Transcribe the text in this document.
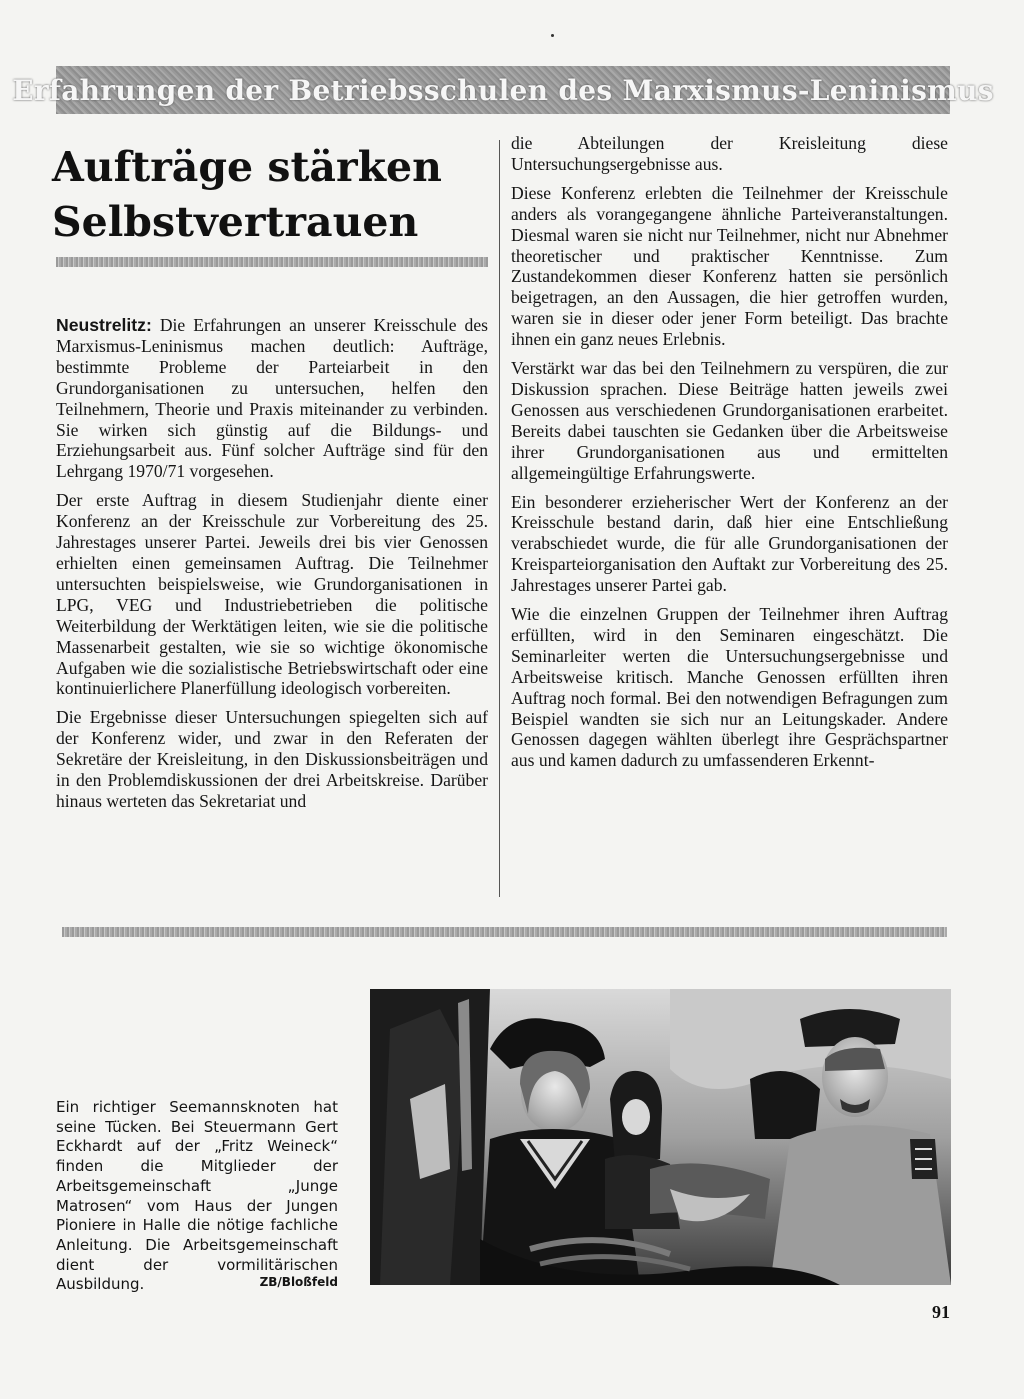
Erfahrungen der Betriebsschulen des Marxismus-Leninismus
Aufträge stärken
Selbstvertrauen

Neustrelitz: Die Erfahrungen an unserer Kreisschule des Marxismus-Leninismus machen deutlich: Aufträge, bestimmte Probleme der Parteiarbeit in den Grundorganisationen zu untersuchen, helfen den Teilnehmern, Theorie und Praxis miteinander zu verbinden. Sie wirken sich günstig auf die Bildungs- und Erziehungsarbeit aus. Fünf solcher Aufträge sind für den Lehrgang 1970/71 vorgesehen.

Der erste Auftrag in diesem Studienjahr diente einer Konferenz an der Kreisschule zur Vorbereitung des 25. Jahrestages unserer Partei. Jeweils drei bis vier Genossen erhielten einen gemeinsamen Auftrag. Die Teilnehmer untersuchten beispielsweise, wie Grundorganisationen in LPG, VEG und Industriebetrieben die politische Weiterbildung der Werktätigen leiten, wie sie die politische Massenarbeit gestalten, wie sie so wichtige ökonomische Aufgaben wie die sozialistische Betriebswirtschaft oder eine kontinuierlichere Planerfüllung ideologisch vorbereiten.

Die Ergebnisse dieser Untersuchungen spiegelten sich auf der Konferenz wider, und zwar in den Referaten der Sekretäre der Kreisleitung, in den Diskussionsbeiträgen und in den Problemdiskussionen der drei Arbeitskreise. Darüber hinaus werteten das Sekretariat und

die Abteilungen der Kreisleitung diese Untersuchungsergebnisse aus.

Diese Konferenz erlebten die Teilnehmer der Kreisschule anders als vorangegangene ähnliche Parteiveranstaltungen. Diesmal waren sie nicht nur Teilnehmer, nicht nur Abnehmer theoretischer und praktischer Kenntnisse. Zum Zustandekommen dieser Konferenz hatten sie persönlich beigetragen, an den Aussagen, die hier getroffen wurden, waren sie in dieser oder jener Form beteiligt. Das brachte ihnen ein ganz neues Erlebnis.

Verstärkt war das bei den Teilnehmern zu verspüren, die zur Diskussion sprachen. Diese Beiträge hatten jeweils zwei Genossen aus verschiedenen Grundorganisationen erarbeitet. Bereits dabei tauschten sie Gedanken über die Arbeitsweise ihrer Grundorganisationen aus und ermittelten allgemeingültige Erfahrungswerte.

Ein besonderer erzieherischer Wert der Konferenz an der Kreisschule bestand darin, daß hier eine Entschließung verabschiedet wurde, die für alle Grundorganisationen der Kreisparteiorganisation den Auftakt zur Vorbereitung des 25. Jahrestages unserer Partei gab.

Wie die einzelnen Gruppen der Teilnehmer ihren Auftrag erfüllten, wird in den Seminaren eingeschätzt. Die Seminarleiter werten die Untersuchungsergebnisse und Arbeitsweise kritisch. Manche Genossen erfüllten ihren Auftrag noch formal. Bei den notwendigen Befragungen zum Beispiel wandten sie sich nur an Leitungskader. Andere Genossen dagegen wählten überlegt ihre Gesprächspartner aus und kamen dadurch zu umfassenderen Erkennt-

Ein richtiger Seemannsknoten hat seine Tücken. Bei Steuermann Gert Eckhardt auf der „Fritz Weineck“ finden die Mitglieder der Arbeitsgemeinschaft „Junge Matrosen“ vom Haus der Jungen Pioniere in Halle die nötige fachliche Anleitung. Die Arbeitsgemeinschaft dient der vormilitärischen Ausbildung.	ZB/Bloßfeld
91
